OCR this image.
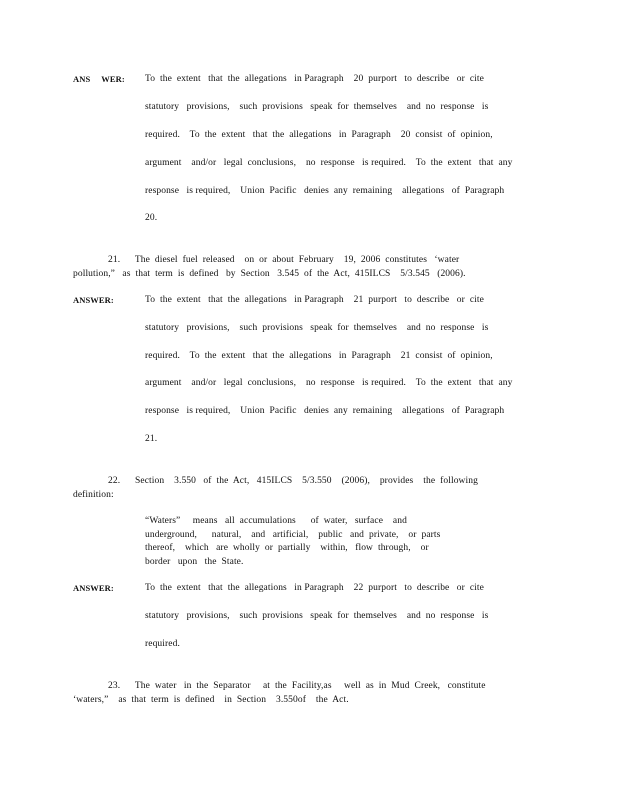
ANS     WER: To  the  extent   that  the  allegations   in Paragraph    20  purport   to  describe   or  cite
statutory   provisions,    such  provisions   speak  for  themselves    and  no  response   is
required.    To  the  extent   that  the  allegations   in  Paragraph    20  consist  of  opinion,
argument    and/or   legal  conclusions,    no  response   is required.    To  the  extent   that  any
response   is required,    Union  Pacific   denies  any  remaining    allegations   of  Paragraph
20.
21.      The  diesel  fuel  released    on  or  about  February    19,  2006  constitutes   ‘water
pollution,”   as  that  term  is  defined   by  Section   3.545  of  the  Act,  415ILCS    5/3.545   (2006).
ANSWER:	To  the  extent   that  the  allegations   in Paragraph    21  purport   to  describe   or  cite
statutory   provisions,    such  provisions   speak  for  themselves    and  no  response   is
required.    To  the  extent   that  the  allegations   in  Paragraph    21  consist  of  opinion,
argument    and/or   legal  conclusions,    no  response   is required.    To  the  extent   that  any
response   is required,    Union  Pacific   denies  any  remaining    allegations   of  Paragraph
21.
22.      Section    3.550   of  the  Act,   415ILCS    5/3.550    (2006),    provides    the  following
definition:
“Waters”     means   all  accumulations      of  water,   surface    and
underground,      natural,    and   artificial,    public   and  private,    or  parts
thereof,    which   are  wholly  or  partially    within,   flow  through,    or
border   upon   the  State.
ANSWER:	To  the  extent   that  the  allegations   in Paragraph    22  purport   to  describe   or  cite
statutory   provisions,    such  provisions   speak  for  themselves    and  no  response   is
required.
23.      The  water   in  the  Separator     at  the  Facility,as     well  as  in  Mud  Creek,   constitute
‘waters,”    as  that  term  is  defined    in  Section    3.550of    the  Act.
